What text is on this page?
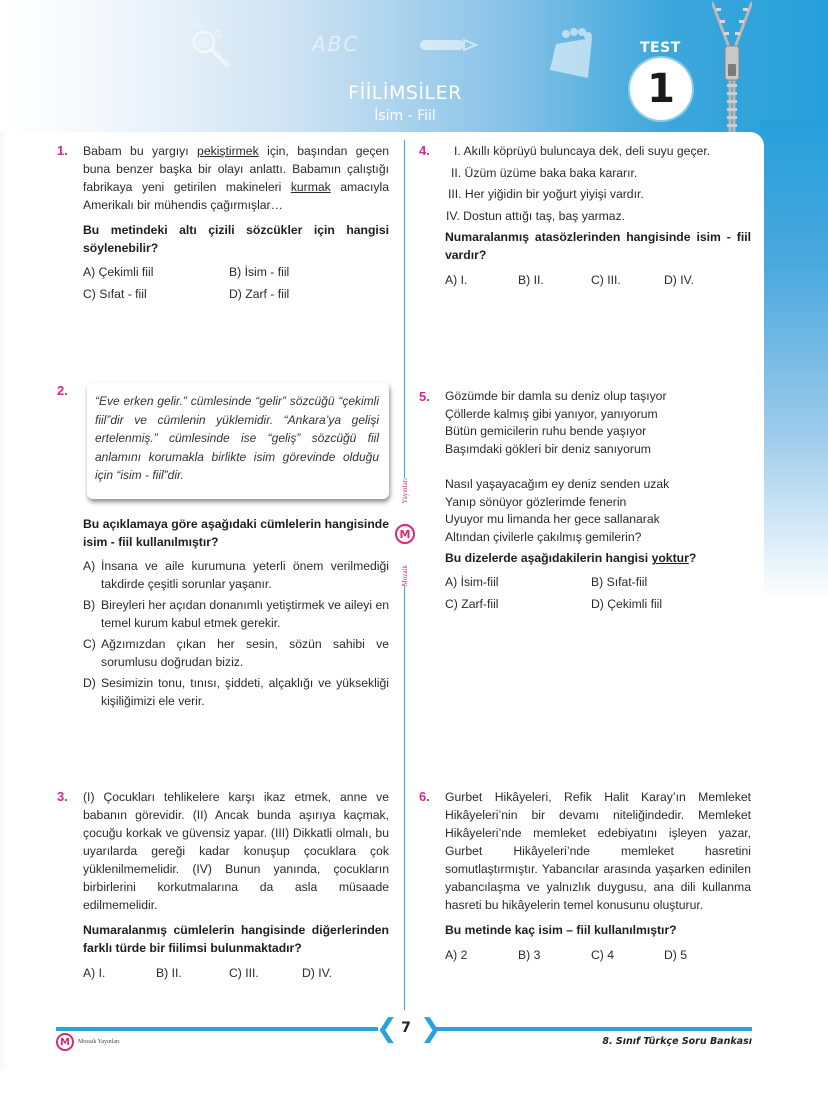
A
ABC
FİİLİMSİLER
İsim - Fiil
TEST
1
Yayınları
M
Mozaik
1. Babam bu yargıyı pekiştirmek için, başından geçen buna benzer başka bir olayı anlattı. Babamın çalıştığı fabrikaya yeni getirilen makineleri kurmak amacıyla Amerikalı bir mühendis çağırmışlar…

Bu metindeki altı çizili sözcükler için hangisi söylenebilir?

A) Çekimli fiil	B) İsim - fiil
C) Sıfat - fiil	D) Zarf - fiil
2.

“Eve erken gelir.” cümlesinde “gelir” sözcüğü “çekimli fiil”dir ve cümlenin yüklemidir. “Ankara’ya gelişi ertelenmiş.” cümlesinde ise “geliş” sözcüğü fiil anlamını korumakla birlikte isim görevinde olduğu için “isim - fiil”dir.

Bu açıklamaya göre aşağıdaki cümlelerin hangisinde isim - fiil kullanılmıştır?

A) İnsana ve aile kurumuna yeterli önem verilmediği takdirde çeşitli sorunlar yaşanır.
B) Bireyleri her açıdan donanımlı yetiştirmek ve aileyi en temel kurum kabul etmek gerekir.
C) Ağzımızdan çıkan her sesin, sözün sahibi ve sorumlusu doğrudan biziz.
D) Sesimizin tonu, tınısı, şiddeti, alçaklığı ve yüksekliği kişiliğimizi ele verir.
3. (I) Çocukları tehlikelere karşı ikaz etmek, anne ve babanın görevidir. (II) Ancak bunda aşırıya kaçmak, çocuğu korkak ve güvensiz yapar. (III) Dikkatli olmalı, bu uyarılarda gereği kadar konuşup çocuklara çok yüklenilmemelidir. (IV) Bunun yanında, çocukların birbirlerini korkutmalarına da asla müsaade edilmemelidir.

Numaralanmış cümlelerin hangisinde diğerlerinden farklı türde bir fiilimsi bulunmaktadır?

A) I.	B) II.	C) III.	D) IV.
4.	I. Akıllı köprüyü buluncaya dek, deli suyu geçer.
II. Üzüm üzüme baka baka kararır.
III. Her yiğidin bir yoğurt yiyişi vardır.
IV. Dostun attığı taş, baş yarmaz.

Numaralanmış atasözlerinden hangisinde isim - fiil vardır?

A) I.	B) II.	C) III.	D) IV.
5. Gözümde bir damla su deniz olup taşıyor
Çöllerde kalmış gibi yanıyor, yanıyorum
Bütün gemicilerin ruhu bende yaşıyor
Başımdaki gökleri bir deniz sanıyorum
Nasıl yaşayacağım ey deniz senden uzak
Yanıp sönüyor gözlerimde fenerin
Uyuyor mu limanda her gece sallanarak
Altından çivilerle çakılmış gemilerin?

Bu dizelerde aşağıdakilerin hangisi yoktur?

A) İsim-fiil	B) Sıfat-fiil
C) Zarf-fiil	D) Çekimli fiil
6. Gurbet Hikâyeleri, Refik Halit Karay’ın Memleket Hikâyeleri’nin bir devamı niteliğindedir. Memleket Hikâyeleri’nde memleket edebiyatını işleyen yazar, Gurbet Hikâyeleri’nde memleket hasretini somutlaştırmıştır. Yabancılar arasında yaşarken edinilen yabancılaşma ve yalnızlık duygusu, ana dili kullanma hasreti bu hikâyelerin temel konusunu oluşturur.

Bu metinde kaç isim – fiil kullanılmıştır?

A) 2	B) 3	C) 4	D) 5
❮ 7 ❯
M	Mozaik Yayınları	8. Sınıf Türkçe Soru Bankası
